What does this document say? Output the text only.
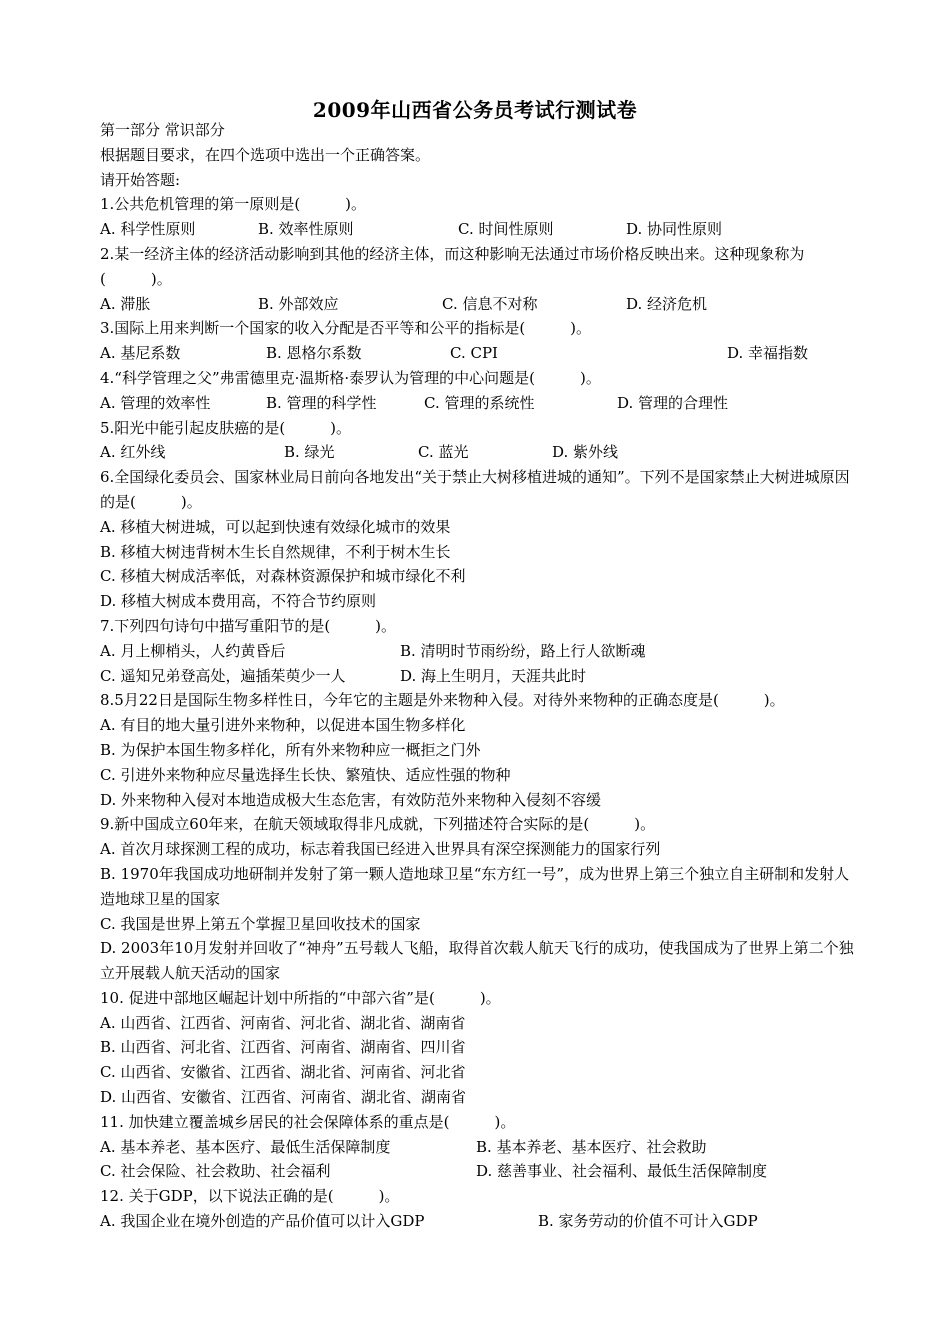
2009年山西省公务员考试行测试卷
第一部分 常识部分
根据题目要求，在四个选项中选出一个正确答案。
请开始答题:
1.公共危机管理的第一原则是(　　　)。
A. 科学性原则	B. 效率性原则	C. 时间性原则	D. 协同性原则
2.某一经济主体的经济活动影响到其他的经济主体，而这种影响无法通过市场价格反映出来。这种现象称为(　　　)。
A. 滞胀	B. 外部效应	C. 信息不对称	D. 经济危机
3.国际上用来判断一个国家的收入分配是否平等和公平的指标是(　　　)。
A. 基尼系数	B. 恩格尔系数	C. CPI	D. 幸福指数
4.“科学管理之父”弗雷德里克·温斯格·泰罗认为管理的中心问题是(　　　)。
A. 管理的效率性	B. 管理的科学性	C. 管理的系统性	D. 管理的合理性
5.阳光中能引起皮肤癌的是(　　　)。
A. 红外线	B. 绿光	C. 蓝光	D. 紫外线
6.全国绿化委员会、国家林业局日前向各地发出“关于禁止大树移植进城的通知”。下列不是国家禁止大树进城原因的是(　　　)。
A. 移植大树进城，可以起到快速有效绿化城市的效果
B. 移植大树违背树木生长自然规律，不利于树木生长
C. 移植大树成活率低，对森林资源保护和城市绿化不利
D. 移植大树成本费用高，不符合节约原则
7.下列四句诗句中描写重阳节的是(　　　)。
A. 月上柳梢头，人约黄昏后	B. 清明时节雨纷纷，路上行人欲断魂
C. 遥知兄弟登高处，遍插茱萸少一人	D. 海上生明月，天涯共此时
8.5月22日是国际生物多样性日，今年它的主题是外来物种入侵。对待外来物种的正确态度是(　　　)。
A. 有目的地大量引进外来物种，以促进本国生物多样化
B. 为保护本国生物多样化，所有外来物种应一概拒之门外
C. 引进外来物种应尽量选择生长快、繁殖快、适应性强的物种
D. 外来物种入侵对本地造成极大生态危害，有效防范外来物种入侵刻不容缓
9.新中国成立60年来，在航天领域取得非凡成就，下列描述符合实际的是(　　　)。
A. 首次月球探测工程的成功，标志着我国已经进入世界具有深空探测能力的国家行列
B. 1970年我国成功地研制并发射了第一颗人造地球卫星“东方红一号”，成为世界上第三个独立自主研制和发射人造地球卫星的国家
C. 我国是世界上第五个掌握卫星回收技术的国家
D. 2003年10月发射并回收了“神舟”五号载人飞船，取得首次载人航天飞行的成功，使我国成为了世界上第二个独立开展载人航天活动的国家
10. 促进中部地区崛起计划中所指的“中部六省”是(　　　)。
A. 山西省、江西省、河南省、河北省、湖北省、湖南省
B. 山西省、河北省、江西省、河南省、湖南省、四川省
C. 山西省、安徽省、江西省、湖北省、河南省、河北省
D. 山西省、安徽省、江西省、河南省、湖北省、湖南省
11. 加快建立覆盖城乡居民的社会保障体系的重点是(　　　)。
A. 基本养老、基本医疗、最低生活保障制度	B. 基本养老、基本医疗、社会救助
C. 社会保险、社会救助、社会福利	D. 慈善事业、社会福利、最低生活保障制度
12. 关于GDP，以下说法正确的是(　　　)。
A. 我国企业在境外创造的产品价值可以计入GDP	B. 家务劳动的价值不可计入GDP
